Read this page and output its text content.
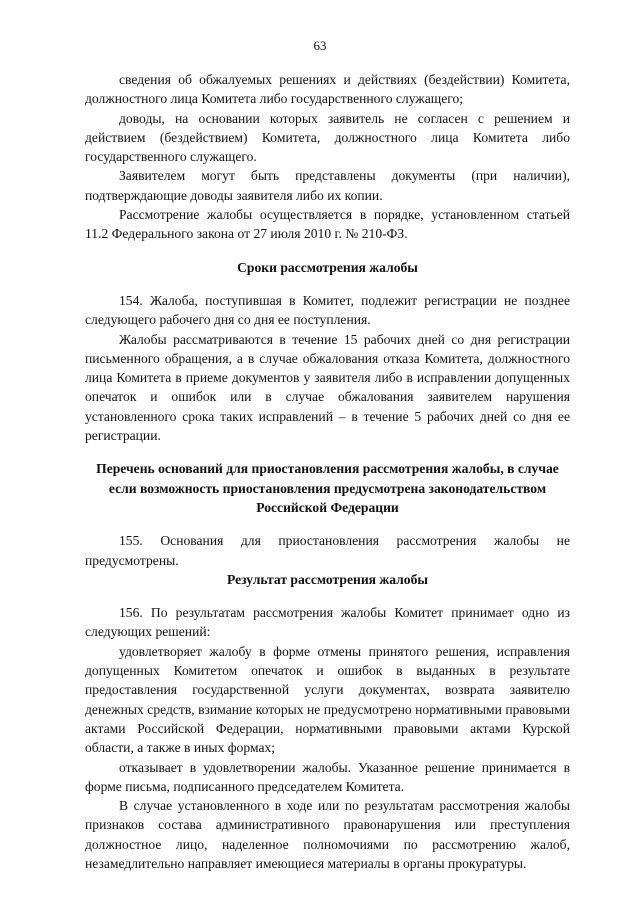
63

сведения об обжалуемых решениях и действиях (бездействии) Комитета, должностного лица Комитета либо государственного служащего;

доводы, на основании которых заявитель не согласен с решением и действием (бездействием) Комитета, должностного лица Комитета либо государственного служащего.

Заявителем могут быть представлены документы (при наличии), подтверждающие доводы заявителя либо их копии.

Рассмотрение жалобы осуществляется в порядке, установленном статьей 11.2 Федерального закона от 27 июля 2010 г. № 210-ФЗ.

Сроки рассмотрения жалобы

154. Жалоба, поступившая в Комитет, подлежит регистрации не позднее следующего рабочего дня со дня ее поступления.

Жалобы рассматриваются в течение 15 рабочих дней со дня регистрации письменного обращения, а в случае обжалования отказа Комитета, должностного лица Комитета в приеме документов у заявителя либо в исправлении допущенных опечаток и ошибок или в случае обжалования заявителем нарушения установленного срока таких исправлений – в течение 5 рабочих дней со дня ее регистрации.

Перечень оснований для приостановления рассмотрения жалобы, в случае если возможность приостановления предусмотрена законодательством Российской Федерации

155. Основания для приостановления рассмотрения жалобы не предусмотрены.

Результат рассмотрения жалобы

156. По результатам рассмотрения жалобы Комитет принимает одно из следующих решений:

удовлетворяет жалобу в форме отмены принятого решения, исправления допущенных Комитетом опечаток и ошибок в выданных в результате предоставления государственной услуги документах, возврата заявителю денежных средств, взимание которых не предусмотрено нормативными правовыми актами Российской Федерации, нормативными правовыми актами Курской области, а также в иных формах;

отказывает в удовлетворении жалобы. Указанное решение принимается в форме письма, подписанного председателем Комитета.

В случае установленного в ходе или по результатам рассмотрения жалобы признаков состава административного правонарушения или преступления должностное лицо, наделенное полномочиями по рассмотрению жалоб, незамедлительно направляет имеющиеся материалы в органы прокуратуры.
